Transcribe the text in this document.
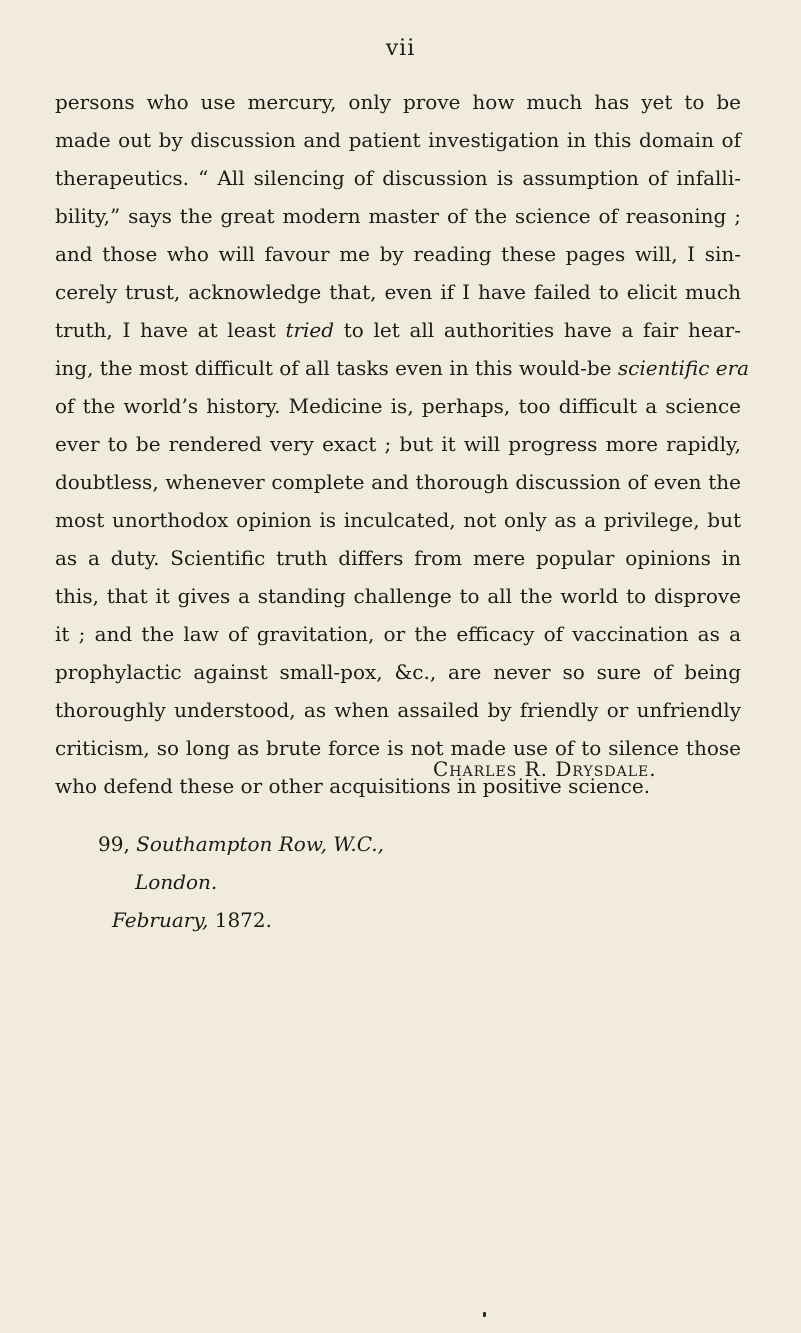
vii
persons who use mercury, only prove how much has yet to be
made out by discussion and patient investigation in this domain of
therapeutics. “ All silencing of discussion is assumption of infalli-
bility,” says the great modern master of the science of reasoning ;
and those who will favour me by reading these pages will, I sin-
cerely trust, acknowledge that, even if I have failed to elicit much
truth, I have at least tried to let all authorities have a fair hear-
ing, the most difficult of all tasks even in this would-be scientific era
of the world’s history. Medicine is, perhaps, too difficult a science
ever to be rendered very exact ; but it will progress more rapidly,
doubtless, whenever complete and thorough discussion of even the
most unorthodox opinion is inculcated, not only as a privilege, but
as a duty. Scientific truth differs from mere popular opinions in
this, that it gives a standing challenge to all the world to disprove
it ; and the law of gravitation, or the efficacy of vaccination as a
prophylactic against small-pox, &c., are never so sure of being
thoroughly understood, as when assailed by friendly or unfriendly
criticism, so long as brute force is not made use of to silence those
who defend these or other acquisitions in positive science.
Charles R. Drysdale.
99, Southampton Row, W.C.,
London.
February, 1872.
